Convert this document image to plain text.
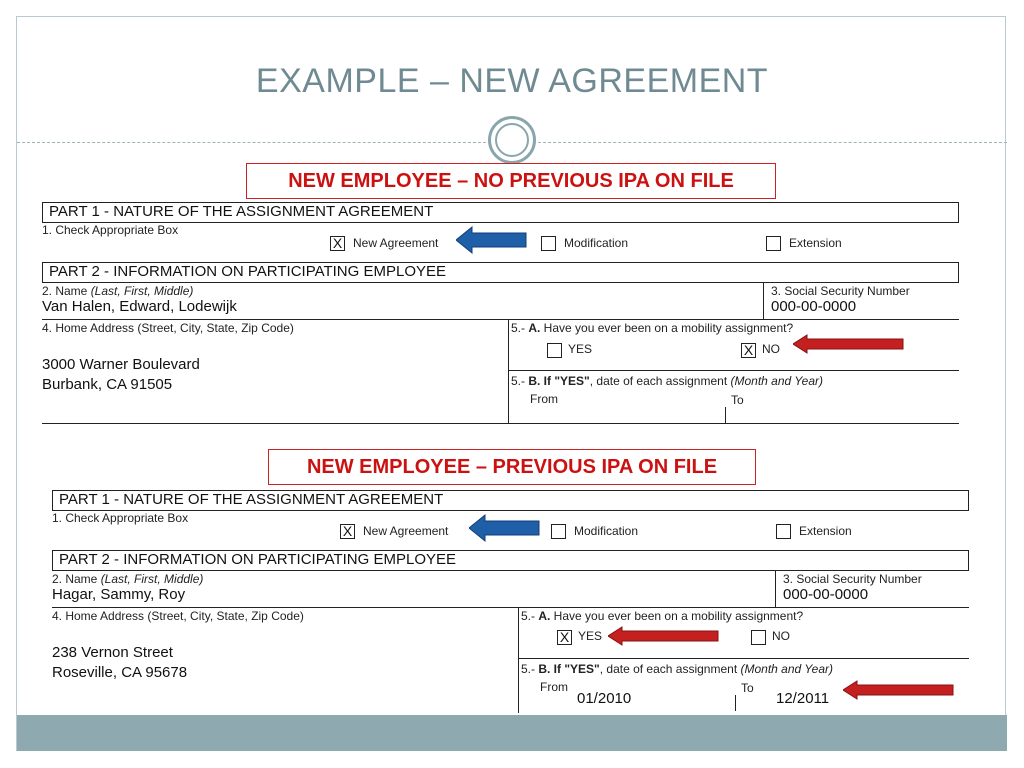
EXAMPLE – NEW AGREEMENT
NEW EMPLOYEE – NO PREVIOUS IPA ON FILE
PART 1 - NATURE OF THE ASSIGNMENT AGREEMENT
1. Check Appropriate Box
X New Agreement	Modification	Extension
PART 2 - INFORMATION ON PARTICIPATING EMPLOYEE
2. Name (Last, First, Middle)
Van Halen, Edward, Lodewijk
3. Social Security Number
000-00-0000
4. Home Address (Street, City, State, Zip Code)
3000 Warner Boulevard
Burbank, CA 91505
5.- A. Have you ever been on a mobility assignment?
YES	X NO
5.- B. If "YES", date of each assignment (Month and Year)
From	To
NEW EMPLOYEE – PREVIOUS IPA ON FILE
PART 1 - NATURE OF THE ASSIGNMENT AGREEMENT
1. Check Appropriate Box
X New Agreement	Modification	Extension
PART 2 - INFORMATION ON PARTICIPATING EMPLOYEE
2. Name (Last, First, Middle)
Hagar, Sammy, Roy
3. Social Security Number
000-00-0000
4. Home Address (Street, City, State, Zip Code)
238 Vernon Street
Roseville, CA 95678
5.- A. Have you ever been on a mobility assignment?
X YES	NO
5.- B. If "YES", date of each assignment (Month and Year)
From	To
01/2010	12/2011
